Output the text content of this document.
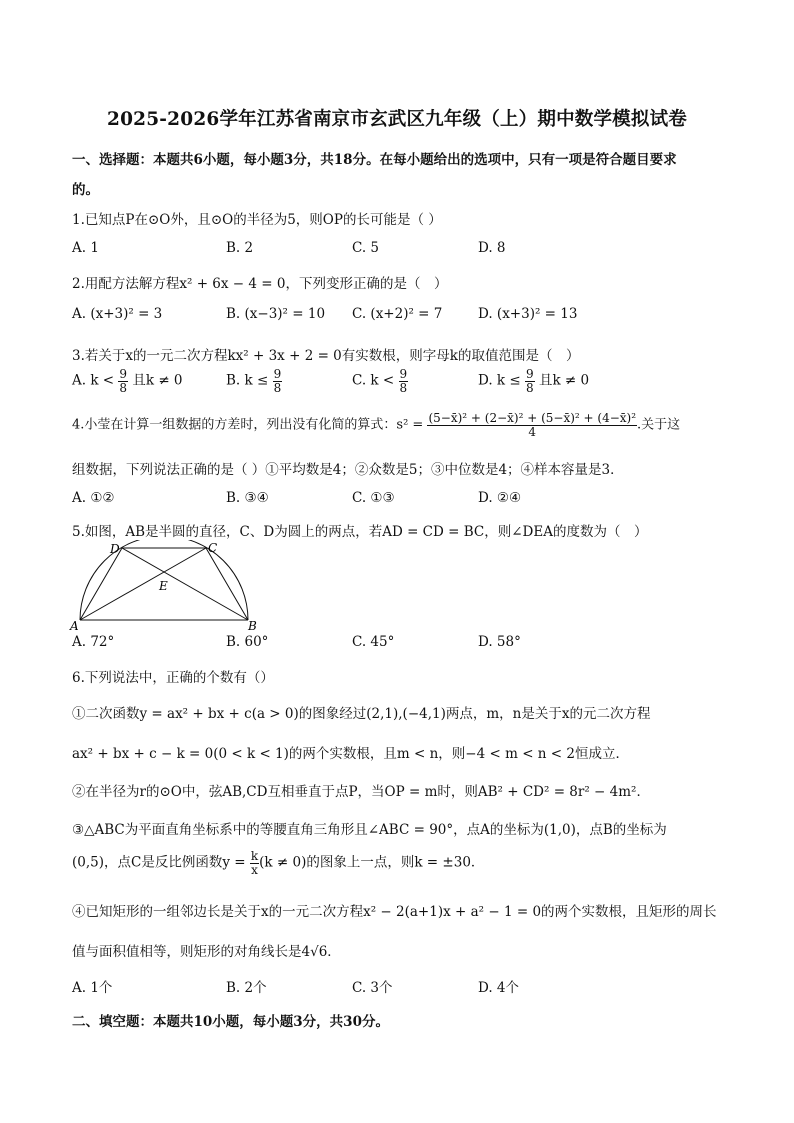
2025-2026学年江苏省南京市玄武区九年级（上）期中数学模拟试卷
一、选择题：本题共6小题，每小题3分，共18分。在每小题给出的选项中，只有一项是符合题目要求
的。
1.已知点P在⊙O外，且⊙O的半径为5，则OP的长可能是（ ）
A. 1	B. 2	C. 5	D. 8
2.用配方法解方程x² + 6x − 4 = 0，下列变形正确的是（　）
A. (x+3)² = 3	B. (x−3)² = 10 C. (x+2)² = 7	D. (x+3)² = 13
3.若关于x的一元二次方程kx² + 3x + 2 = 0有实数根，则字母k的取值范围是（　）
A. $k < \frac{9}{8}$ 且k ≠ 0	B. $k \le \frac{9}{8}$	C. $k < \frac{9}{8}$	D. $k \le \frac{9}{8}$ 且k ≠ 0
4.小莹在计算一组数据的方差时，列出没有化简的算式：$s^2 = \frac{\text{(5−x̄)² + (2−x̄)² + (5−x̄)² + (4−x̄)²}}{4}$ .关于这
组数据，下列说法正确的是（ ）①平均数是4；②众数是5；③中位数是4；④样本容量是3．
A. ①②	B. ③④	C. ①③	D. ②④
5.如图，AB是半圆的直径，C、D为圆上的两点，若AD = CD = BC，则∠DEA的度数为（　）
D	C
E
A	B
A. 72°	B. 60°	C. 45°	D. 58°
6.下列说法中，正确的个数有（）
①二次函数y = ax² + bx + c(a > 0)的图象经过(2,1),(−4,1)两点，m，n是关于x的元二次方程
ax² + bx + c − k = 0(0 < k < 1)的两个实数根，且m < n，则−4 < m < n < 2恒成立．
②在半径为r的⊙O中，弦AB,CD互相垂直于点P，当OP = m时，则AB² + CD² = 8r² − 4m²．
③△ABC为平面直角坐标系中的等腰直角三角形且∠ABC = 90°，点A的坐标为(1,0)，点B的坐标为
(0,5)，点C是反比例函数$y = \frac{k}{x} (k \ne 0)$的图象上一点，则k = ±30．
④已知矩形的一组邻边长是关于x的一元二次方程x² − 2(a+1)x + a² − 1 = 0的两个实数根，且矩形的周长
值与面积值相等，则矩形的对角线长是4√6．
A. 1个	B. 2个	C. 3个	D. 4个
二、填空题：本题共10小题，每小题3分，共30分。
